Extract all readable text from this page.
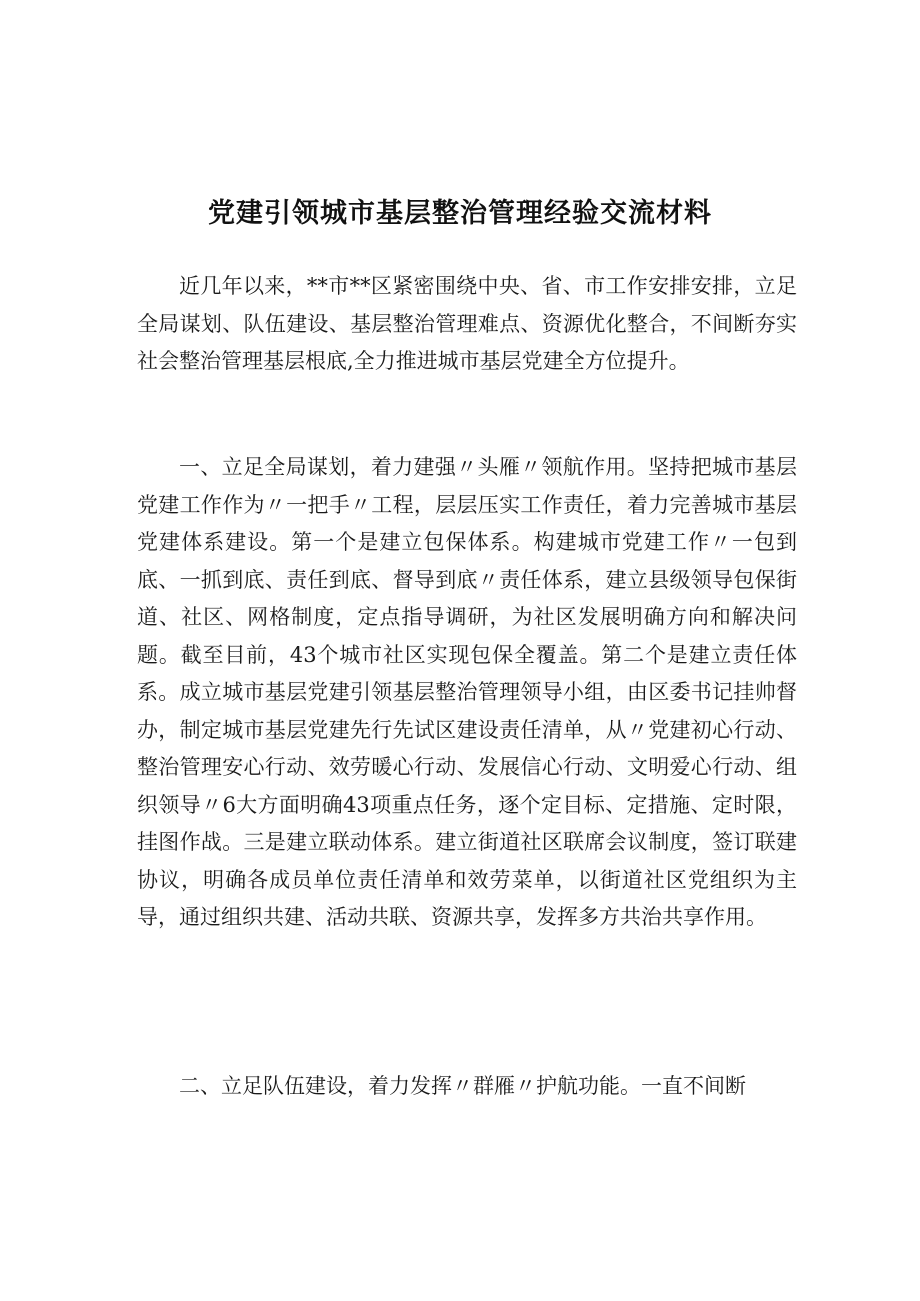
党建引领城市基层整治管理经验交流材料

近几年以来，**市**区紧密围绕中央、省、市工作安排安排，立足全局谋划、队伍建设、基层整治管理难点、资源优化整合，不间断夯实社会整治管理基层根底,全力推进城市基层党建全方位提升。

一、立足全局谋划，着力建强〃头雁〃领航作用。坚持把城市基层党建工作作为〃一把手〃工程，层层压实工作责任，着力完善城市基层党建体系建设。第一个是建立包保体系。构建城市党建工作〃一包到底、一抓到底、责任到底、督导到底〃责任体系，建立县级领导包保街道、社区、网格制度，定点指导调研，为社区发展明确方向和解决问题。截至目前，43个城市社区实现包保全覆盖。第二个是建立责任体系。成立城市基层党建引领基层整治管理领导小组，由区委书记挂帅督办，制定城市基层党建先行先试区建设责任清单，从〃党建初心行动、整治管理安心行动、效劳暖心行动、发展信心行动、文明爱心行动、组织领导〃6大方面明确43项重点任务，逐个定目标、定措施、定时限，挂图作战。三是建立联动体系。建立街道社区联席会议制度，签订联建协议，明确各成员单位责任清单和效劳菜单，以街道社区党组织为主导，通过组织共建、活动共联、资源共享，发挥多方共治共享作用。

二、立足队伍建设，着力发挥〃群雁〃护航功能。一直不间断
